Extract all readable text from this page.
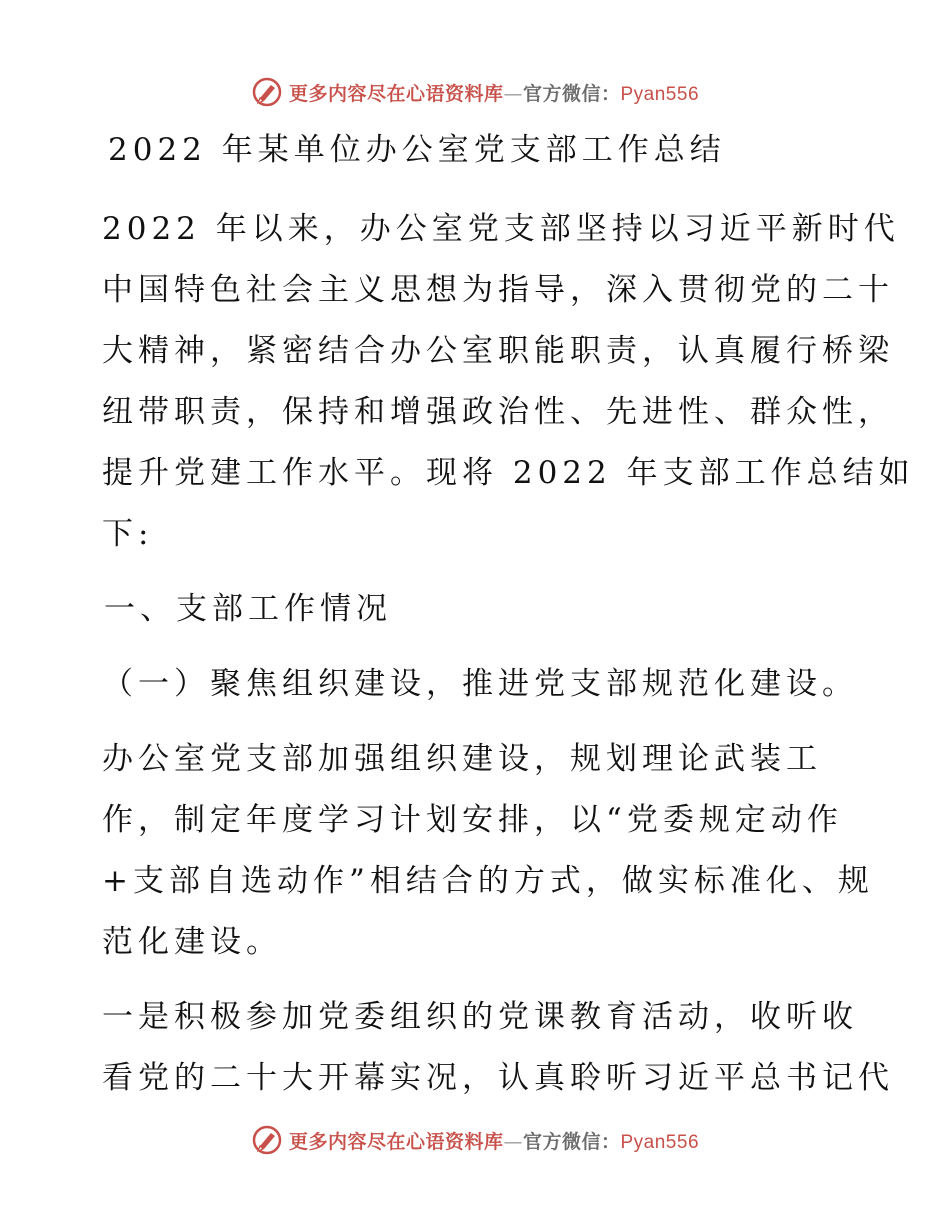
更多内容尽在心语资料库—官方微信：Pyan556

2022 年某单位办公室党支部工作总结

2022 年以来，办公室党支部坚持以习近平新时代
中国特色社会主义思想为指导，深入贯彻党的二十
大精神，紧密结合办公室职能职责，认真履行桥梁
纽带职责，保持和增强政治性、先进性、群众性，
提升党建工作水平。现将 2022 年支部工作总结如
下:

一、支部工作情况

（一）聚焦组织建设，推进党支部规范化建设。

办公室党支部加强组织建设，规划理论武装工
作，制定年度学习计划安排，以“党委规定动作
+支部自选动作”相结合的方式，做实标准化、规
范化建设。

一是积极参加党委组织的党课教育活动，收听收
看党的二十大开幕实况，认真聆听习近平总书记代

更多内容尽在心语资料库—官方微信：Pyan556
